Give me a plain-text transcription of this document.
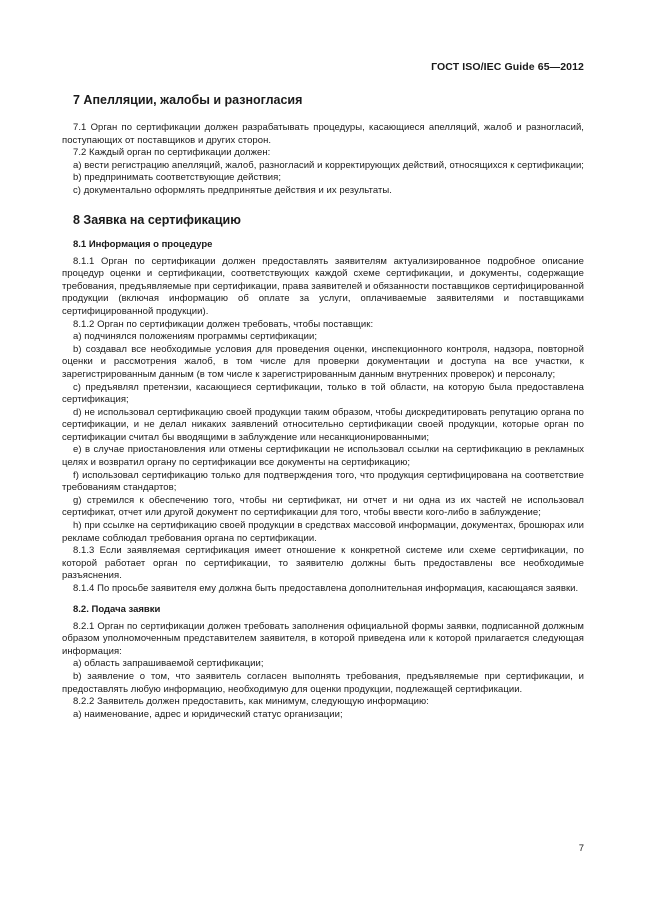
ГОСТ ISO/IEC Guide 65—2012
7 Апелляции, жалобы и разногласия

7.1 Орган по сертификации должен разрабатывать процедуры, касающиеся апелляций, жалоб и разногласий, поступающих от поставщиков и других сторон.

7.2 Каждый орган по сертификации должен:

a) вести регистрацию апелляций, жалоб, разногласий и корректирующих действий, относящихся к сертификации;

b) предпринимать соответствующие действия;

c) документально оформлять предпринятые действия и их результаты.

8 Заявка на сертификацию
8.1 Информация о процедуре

8.1.1 Орган по сертификации должен предоставлять заявителям актуализированное подробное описание процедур оценки и сертификации, соответствующих каждой схеме сертификации, и документы, содержащие требования, предъявляемые при сертификации, права заявителей и обязанности поставщиков сертифицированной продукции (включая информацию об оплате за услуги, оплачиваемые заявителями и поставщиками сертифицированной продукции).

8.1.2 Орган по сертификации должен требовать, чтобы поставщик:

a) подчинялся положениям программы сертификации;

b) создавал все необходимые условия для проведения оценки, инспекционного контроля, надзора, повторной оценки и рассмотрения жалоб, в том числе для проверки документации и доступа на все участки, к зарегистрированным данным (в том числе к зарегистрированным данным внутренних проверок) и персоналу;

c) предъявлял претензии, касающиеся сертификации, только в той области, на которую была предоставлена сертификация;

d) не использовал сертификацию своей продукции таким образом, чтобы дискредитировать репутацию органа по сертификации, и не делал никаких заявлений относительно сертификации своей продукции, которые орган по сертификации считал бы вводящими в заблуждение или несанкционированными;

e) в случае приостановления или отмены сертификации не использовал ссылки на сертификацию в рекламных целях и возвратил органу по сертификации все документы на сертификацию;

f) использовал сертификацию только для подтверждения того, что продукция сертифицирована на соответствие требованиям стандартов;

g) стремился к обеспечению того, чтобы ни сертификат, ни отчет и ни одна из их частей не использовал сертификат, отчет или другой документ по сертификации для того, чтобы ввести кого-либо в заблуждение;

h) при ссылке на сертификацию своей продукции в средствах массовой информации, документах, брошюрах или рекламе соблюдал требования органа по сертификации.

8.1.3 Если заявляемая сертификация имеет отношение к конкретной системе или схеме сертификации, по которой работает орган по сертификации, то заявителю должны быть предоставлены все необходимые разъяснения.

8.1.4 По просьбе заявителя ему должна быть предоставлена дополнительная информация, касающаяся заявки.

8.2. Подача заявки

8.2.1 Орган по сертификации должен требовать заполнения официальной формы заявки, подписанной должным образом уполномоченным представителем заявителя, в которой приведена или к которой прилагается следующая информация:

a) область запрашиваемой сертификации;

b) заявление о том, что заявитель согласен выполнять требования, предъявляемые при сертификации, и предоставлять любую информацию, необходимую для оценки продукции, подлежащей сертификации.

8.2.2 Заявитель должен предоставить, как минимум, следующую информацию:

a) наименование, адрес и юридический статус организации;

7
